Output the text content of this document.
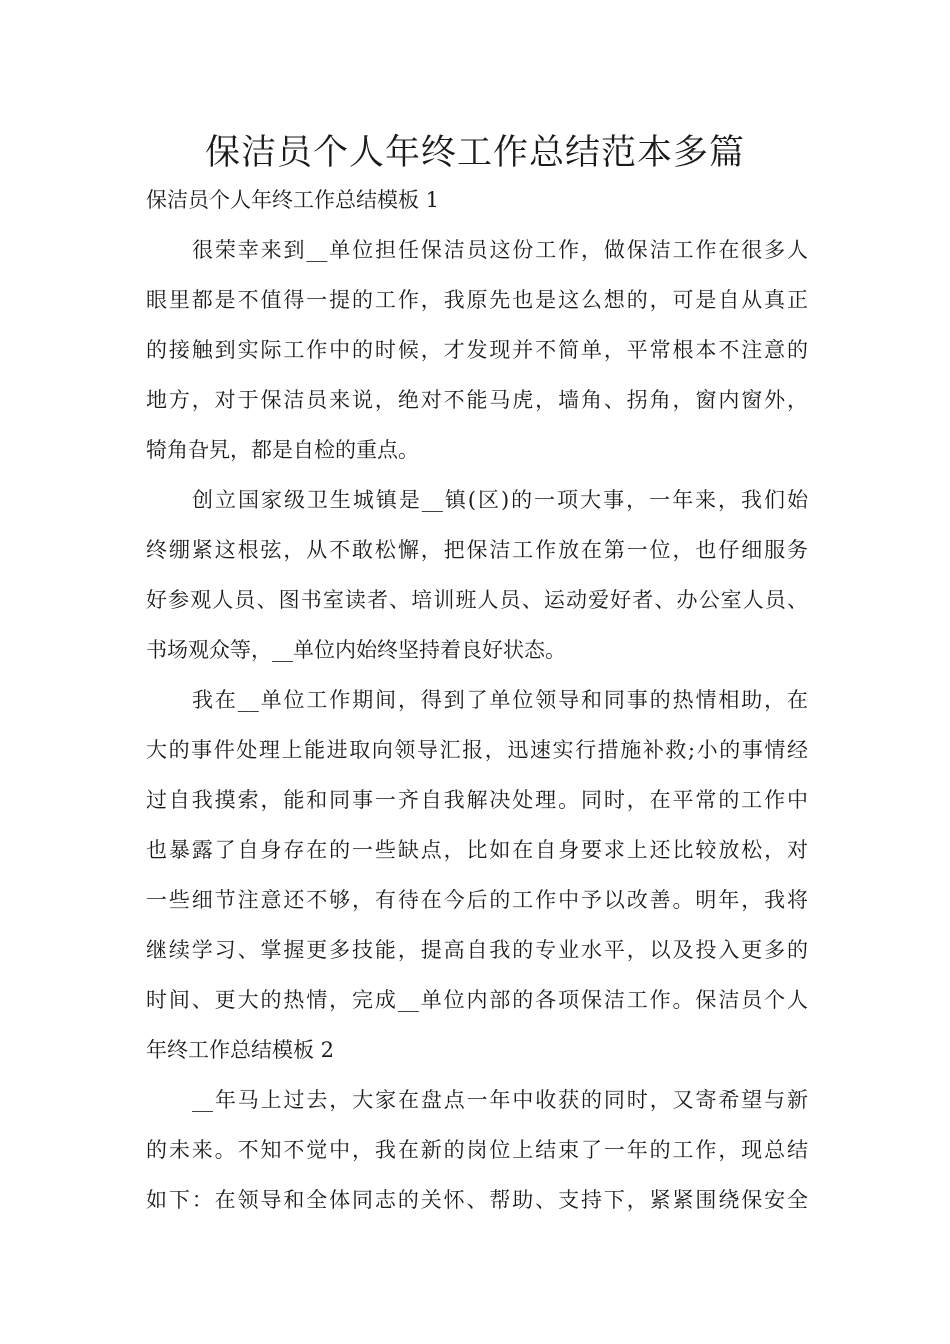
保洁员个人年终工作总结范本多篇

保洁员个人年终工作总结模板 1

很荣幸来到__单位担任保洁员这份工作，做保洁工作在很多人

眼里都是不值得一提的工作，我原先也是这么想的，可是自从真正

的接触到实际工作中的时候，才发现并不简单，平常根本不注意的

地方，对于保洁员来说，绝对不能马虎，墙角、拐角，窗内窗外，

犄角旮旯，都是自检的重点。

创立国家级卫生城镇是__镇(区)的一项大事，一年来，我们始

终绷紧这根弦，从不敢松懈，把保洁工作放在第一位，也仔细服务

好参观人员、图书室读者、培训班人员、运动爱好者、办公室人员、

书场观众等，__单位内始终坚持着良好状态。

我在__单位工作期间，得到了单位领导和同事的热情相助，在

大的事件处理上能进取向领导汇报，迅速实行措施补救;小的事情经

过自我摸索，能和同事一齐自我解决处理。同时，在平常的工作中

也暴露了自身存在的一些缺点，比如在自身要求上还比较放松，对

一些细节注意还不够，有待在今后的工作中予以改善。明年，我将

继续学习、掌握更多技能，提高自我的专业水平，以及投入更多的

时间、更大的热情，完成__单位内部的各项保洁工作。保洁员个人

年终工作总结模板 2

__年马上过去，大家在盘点一年中收获的同时，又寄希望与新

的未来。不知不觉中，我在新的岗位上结束了一年的工作，现总结

如下：在领导和全体同志的关怀、帮助、支持下，紧紧围绕保安全
